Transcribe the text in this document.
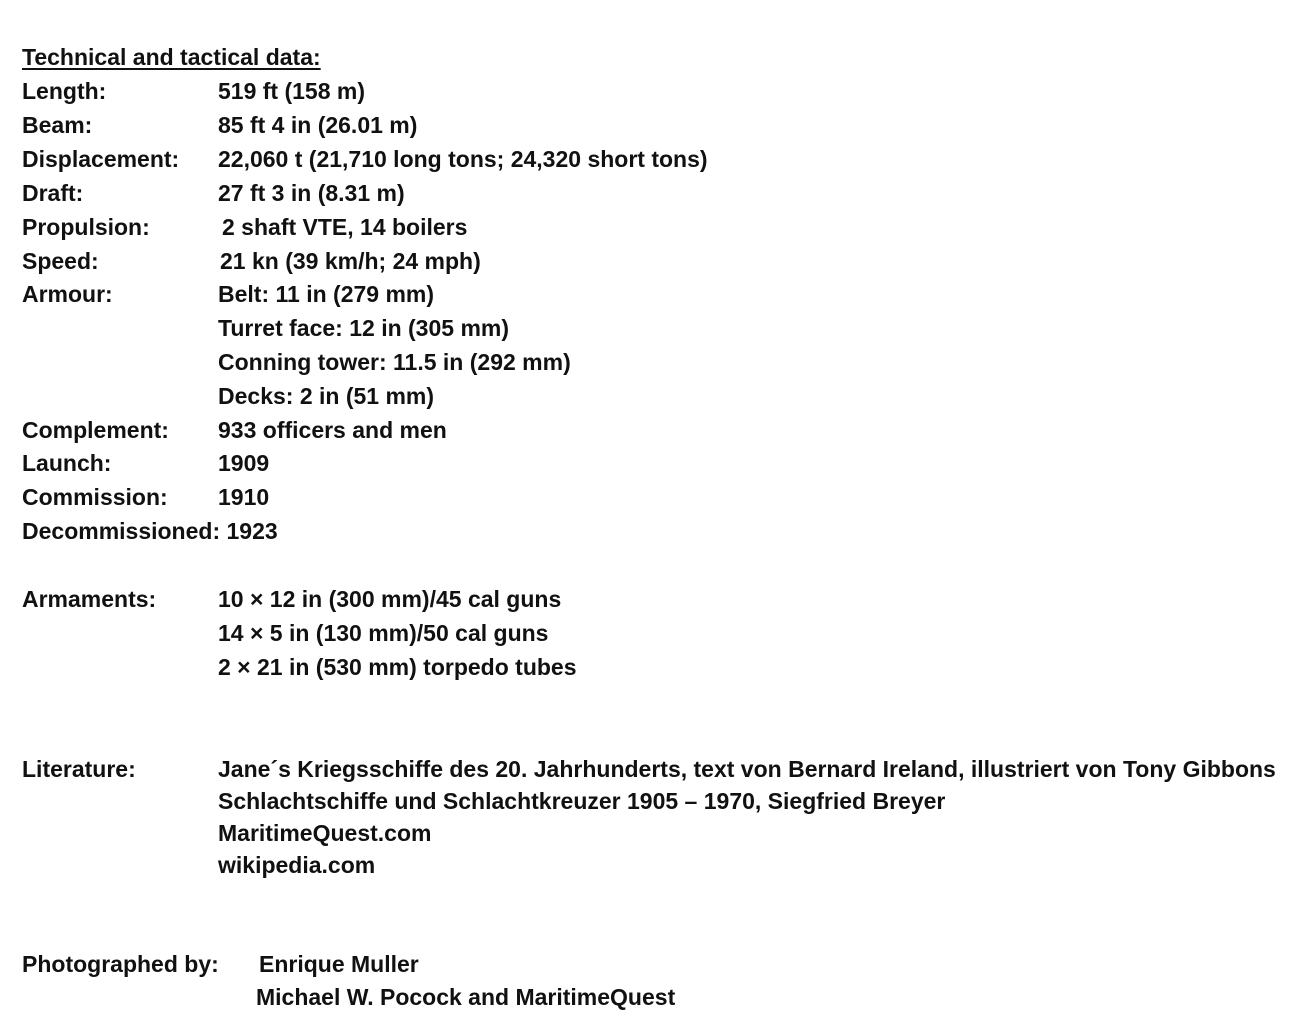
Technical and tactical data:
Length:	519 ft (158 m)
Beam:	85 ft 4 in (26.01 m)
Displacement: 22,060 t (21,710 long tons; 24,320 short tons)
Draft:	27 ft 3 in (8.31 m)
Propulsion:	2 shaft VTE, 14 boilers
Speed:	21 kn (39 km/h; 24 mph)
Armour:	Belt: 11 in (279 mm)
Turret face: 12 in (305 mm)
Conning tower: 11.5 in (292 mm)
Decks: 2 in (51 mm)
Complement: 933 officers and men
Launch:	1909
Commission: 1910
Decommissioned: 1923
Armaments:	10 × 12 in (300 mm)/45 cal guns
14 × 5 in (130 mm)/50 cal guns
2 × 21 in (530 mm) torpedo tubes
Literature:	Jane´s Kriegsschiffe des 20. Jahrhunderts, text von Bernard Ireland, illustriert von Tony Gibbons
Schlachtschiffe und Schlachtkreuzer 1905 – 1970, Siegfried Breyer
MaritimeQuest.com
wikipedia.com
Photographed by: Enrique Muller
Michael W. Pocock and MaritimeQuest
